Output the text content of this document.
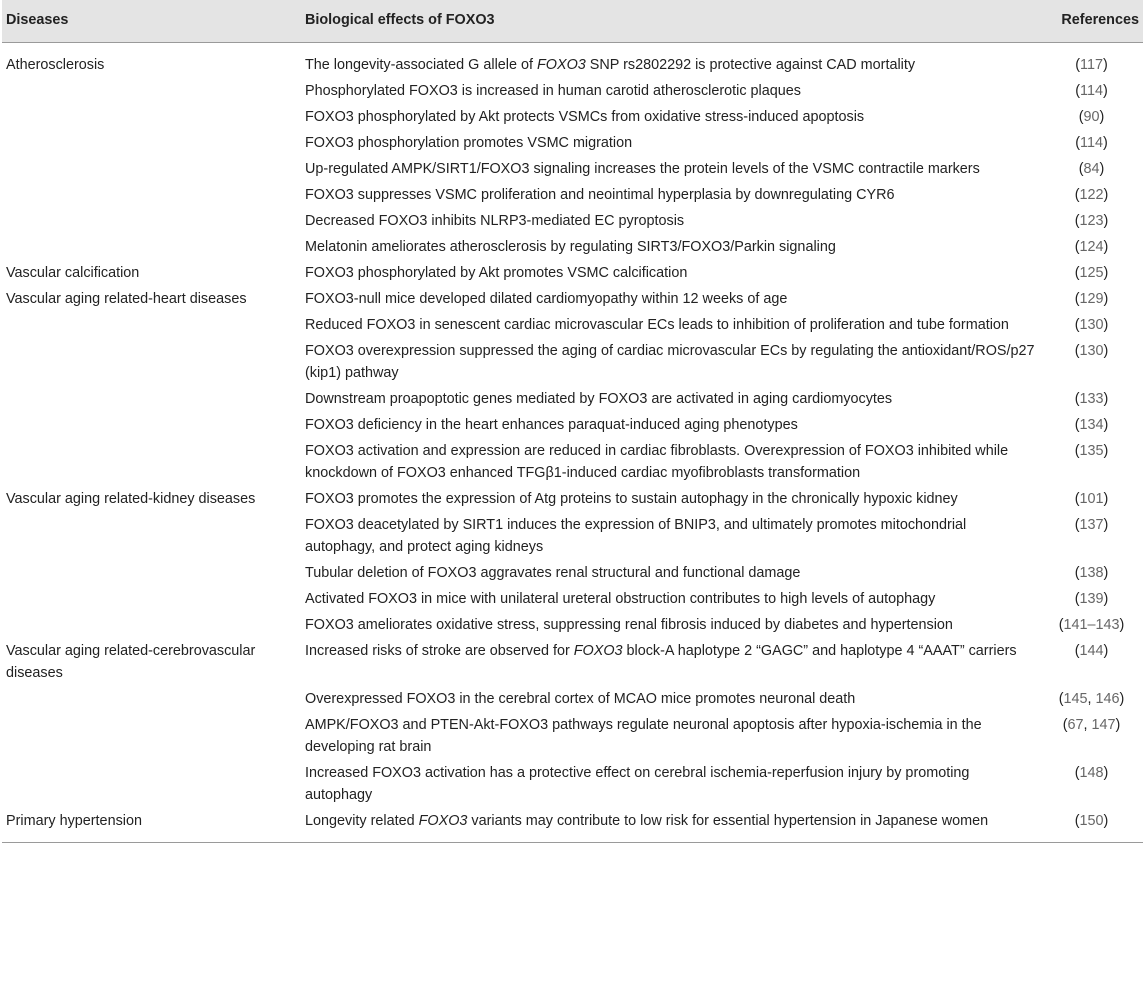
Diseases	Biological effects of FOXO3	References
Atherosclerosis	The longevity-associated G allele of FOXO3 SNP rs2802292 is protective against CAD mortality	(117)
	Phosphorylated FOXO3 is increased in human carotid atherosclerotic plaques	(114)
	FOXO3 phosphorylated by Akt protects VSMCs from oxidative stress-induced apoptosis	(90)
	FOXO3 phosphorylation promotes VSMC migration	(114)
	Up-regulated AMPK/SIRT1/FOXO3 signaling increases the protein levels of the VSMC contractile markers	(84)
	FOXO3 suppresses VSMC proliferation and neointimal hyperplasia by downregulating CYR6	(122)
	Decreased FOXO3 inhibits NLRP3-mediated EC pyroptosis	(123)
	Melatonin ameliorates atherosclerosis by regulating SIRT3/FOXO3/Parkin signaling	(124)
Vascular calcification	FOXO3 phosphorylated by Akt promotes VSMC calcification	(125)
Vascular aging related-heart diseases	FOXO3-null mice developed dilated cardiomyopathy within 12 weeks of age	(129)
	Reduced FOXO3 in senescent cardiac microvascular ECs leads to inhibition of proliferation and tube formation	(130)
	FOXO3 overexpression suppressed the aging of cardiac microvascular ECs by regulating the antioxidant/ROS/p27 (kip1) pathway	(130)
	Downstream proapoptotic genes mediated by FOXO3 are activated in aging cardiomyocytes	(133)
	FOXO3 deficiency in the heart enhances paraquat-induced aging phenotypes	(134)
	FOXO3 activation and expression are reduced in cardiac fibroblasts. Overexpression of FOXO3 inhibited while knockdown of FOXO3 enhanced TFGβ1-induced cardiac myofibroblasts transformation	(135)
Vascular aging related-kidney diseases	FOXO3 promotes the expression of Atg proteins to sustain autophagy in the chronically hypoxic kidney	(101)
	FOXO3 deacetylated by SIRT1 induces the expression of BNIP3, and ultimately promotes mitochondrial autophagy, and protect aging kidneys	(137)
	Tubular deletion of FOXO3 aggravates renal structural and functional damage	(138)
	Activated FOXO3 in mice with unilateral ureteral obstruction contributes to high levels of autophagy	(139)
	FOXO3 ameliorates oxidative stress, suppressing renal fibrosis induced by diabetes and hypertension	(141–143)
Vascular aging related-cerebrovascular diseases	Increased risks of stroke are observed for FOXO3 block-A haplotype 2 “GAGC” and haplotype 4 “AAAT” carriers	(144)
	Overexpressed FOXO3 in the cerebral cortex of MCAO mice promotes neuronal death	(145, 146)
	AMPK/FOXO3 and PTEN-Akt-FOXO3 pathways regulate neuronal apoptosis after hypoxia-ischemia in the developing rat brain	(67, 147)
	Increased FOXO3 activation has a protective effect on cerebral ischemia-reperfusion injury by promoting autophagy	(148)
Primary hypertension	Longevity related FOXO3 variants may contribute to low risk for essential hypertension in Japanese women	(150)
